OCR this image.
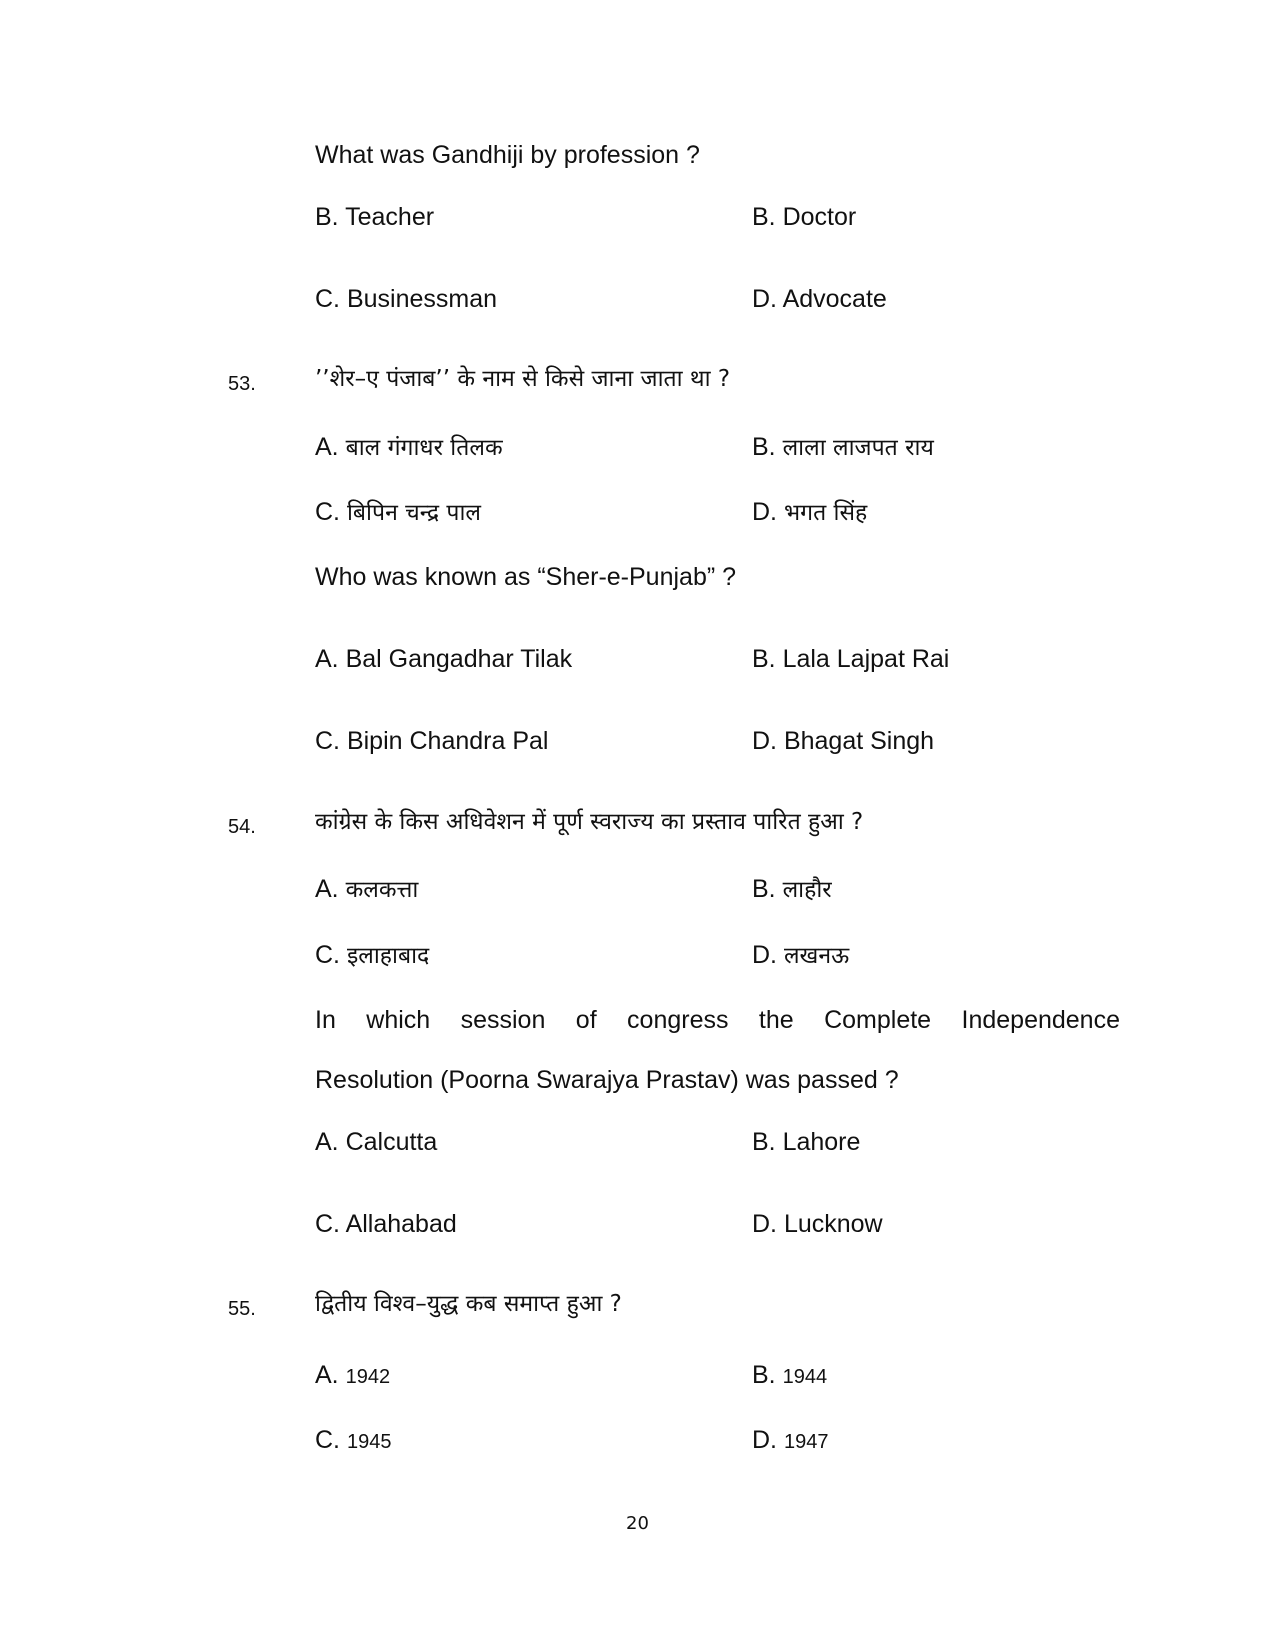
What was Gandhiji by profession ?
B. Teacher	B. Doctor
C. Businessman	D. Advocate
53.	’’शेर–ए पंजाब’’ के नाम से किसे जाना जाता था ?
A. बाल गंगाधर तिलक	B. लाला लाजपत राय
C. बिपिन चन्द्र पाल	D. भगत सिंह
Who was known as “Sher-e-Punjab” ?
A. Bal Gangadhar Tilak	B. Lala Lajpat Rai
C. Bipin Chandra Pal	D. Bhagat Singh
54.	कांग्रेस के किस अधिवेशन में पूर्ण स्वराज्य का प्रस्ताव पारित हुआ ?
A. कलकत्ता	B. लाहौर
C. इलाहाबाद	D. लखनऊ
In which session of congress the Complete Independence
Resolution (Poorna Swarajya Prastav) was passed ?
A. Calcutta	B. Lahore
C. Allahabad	D. Lucknow
55.	द्वितीय विश्व–युद्ध कब समाप्त हुआ ?
A. 1942	B. 1944
C. 1945	D. 1947
20
